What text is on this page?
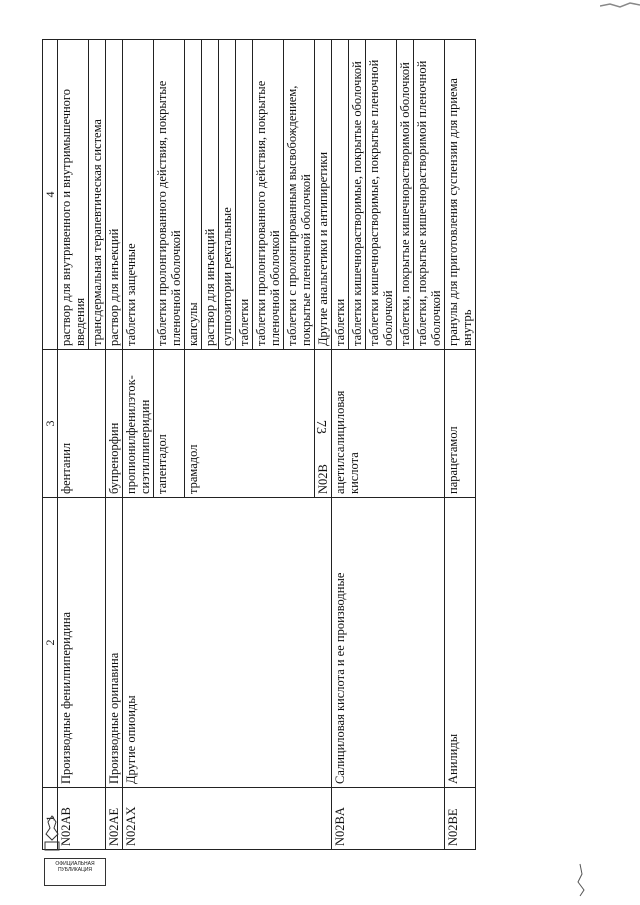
73
1	2	3	4	
N02AB	Производные фенилпиперидина	фентанил	раствор для внутривенного и внутримышечного введения	
			трансдермальная терапевтическая система	
N02AE	Производные орипавина	бупренорфин	раствор для инъекций	
N02AX	Другие опиоиды	пропионилфенилэток-сиэтилпиперидин	таблетки защечные	
		тапентадол	таблетки пролонгированного действия, покрытые пленочной оболочкой	
		трамадол	капсулы	
			раствор для инъекций	
			суппозитории ректальные	
			таблетки	
			таблетки пролонгированного действия, покрытые пленочной оболочкой	
			таблетки с пролонгированным высвобождением, покрытые пленочной оболочкой	
		N02B	Другие анальгетики и антипиретики		
N02BA	Салициловая кислота и ее производные	ацетилсалициловая кислота	таблетки	
			таблетки кишечнорастворимые, покрытые оболочкой	
			таблетки кишечнорастворимые, покрытые пленочной оболочкой	
			таблетки, покрытые кишечнорастворимой оболочкой	
			таблетки, покрытые кишечнорастворимой пленочной оболочкой	
N02BE	Анилиды	парацетамол	гранулы для приготовления суспензии для приема внутрь	
ОФИЦИАЛЬНАЯ ПУБЛИКАЦИЯ
